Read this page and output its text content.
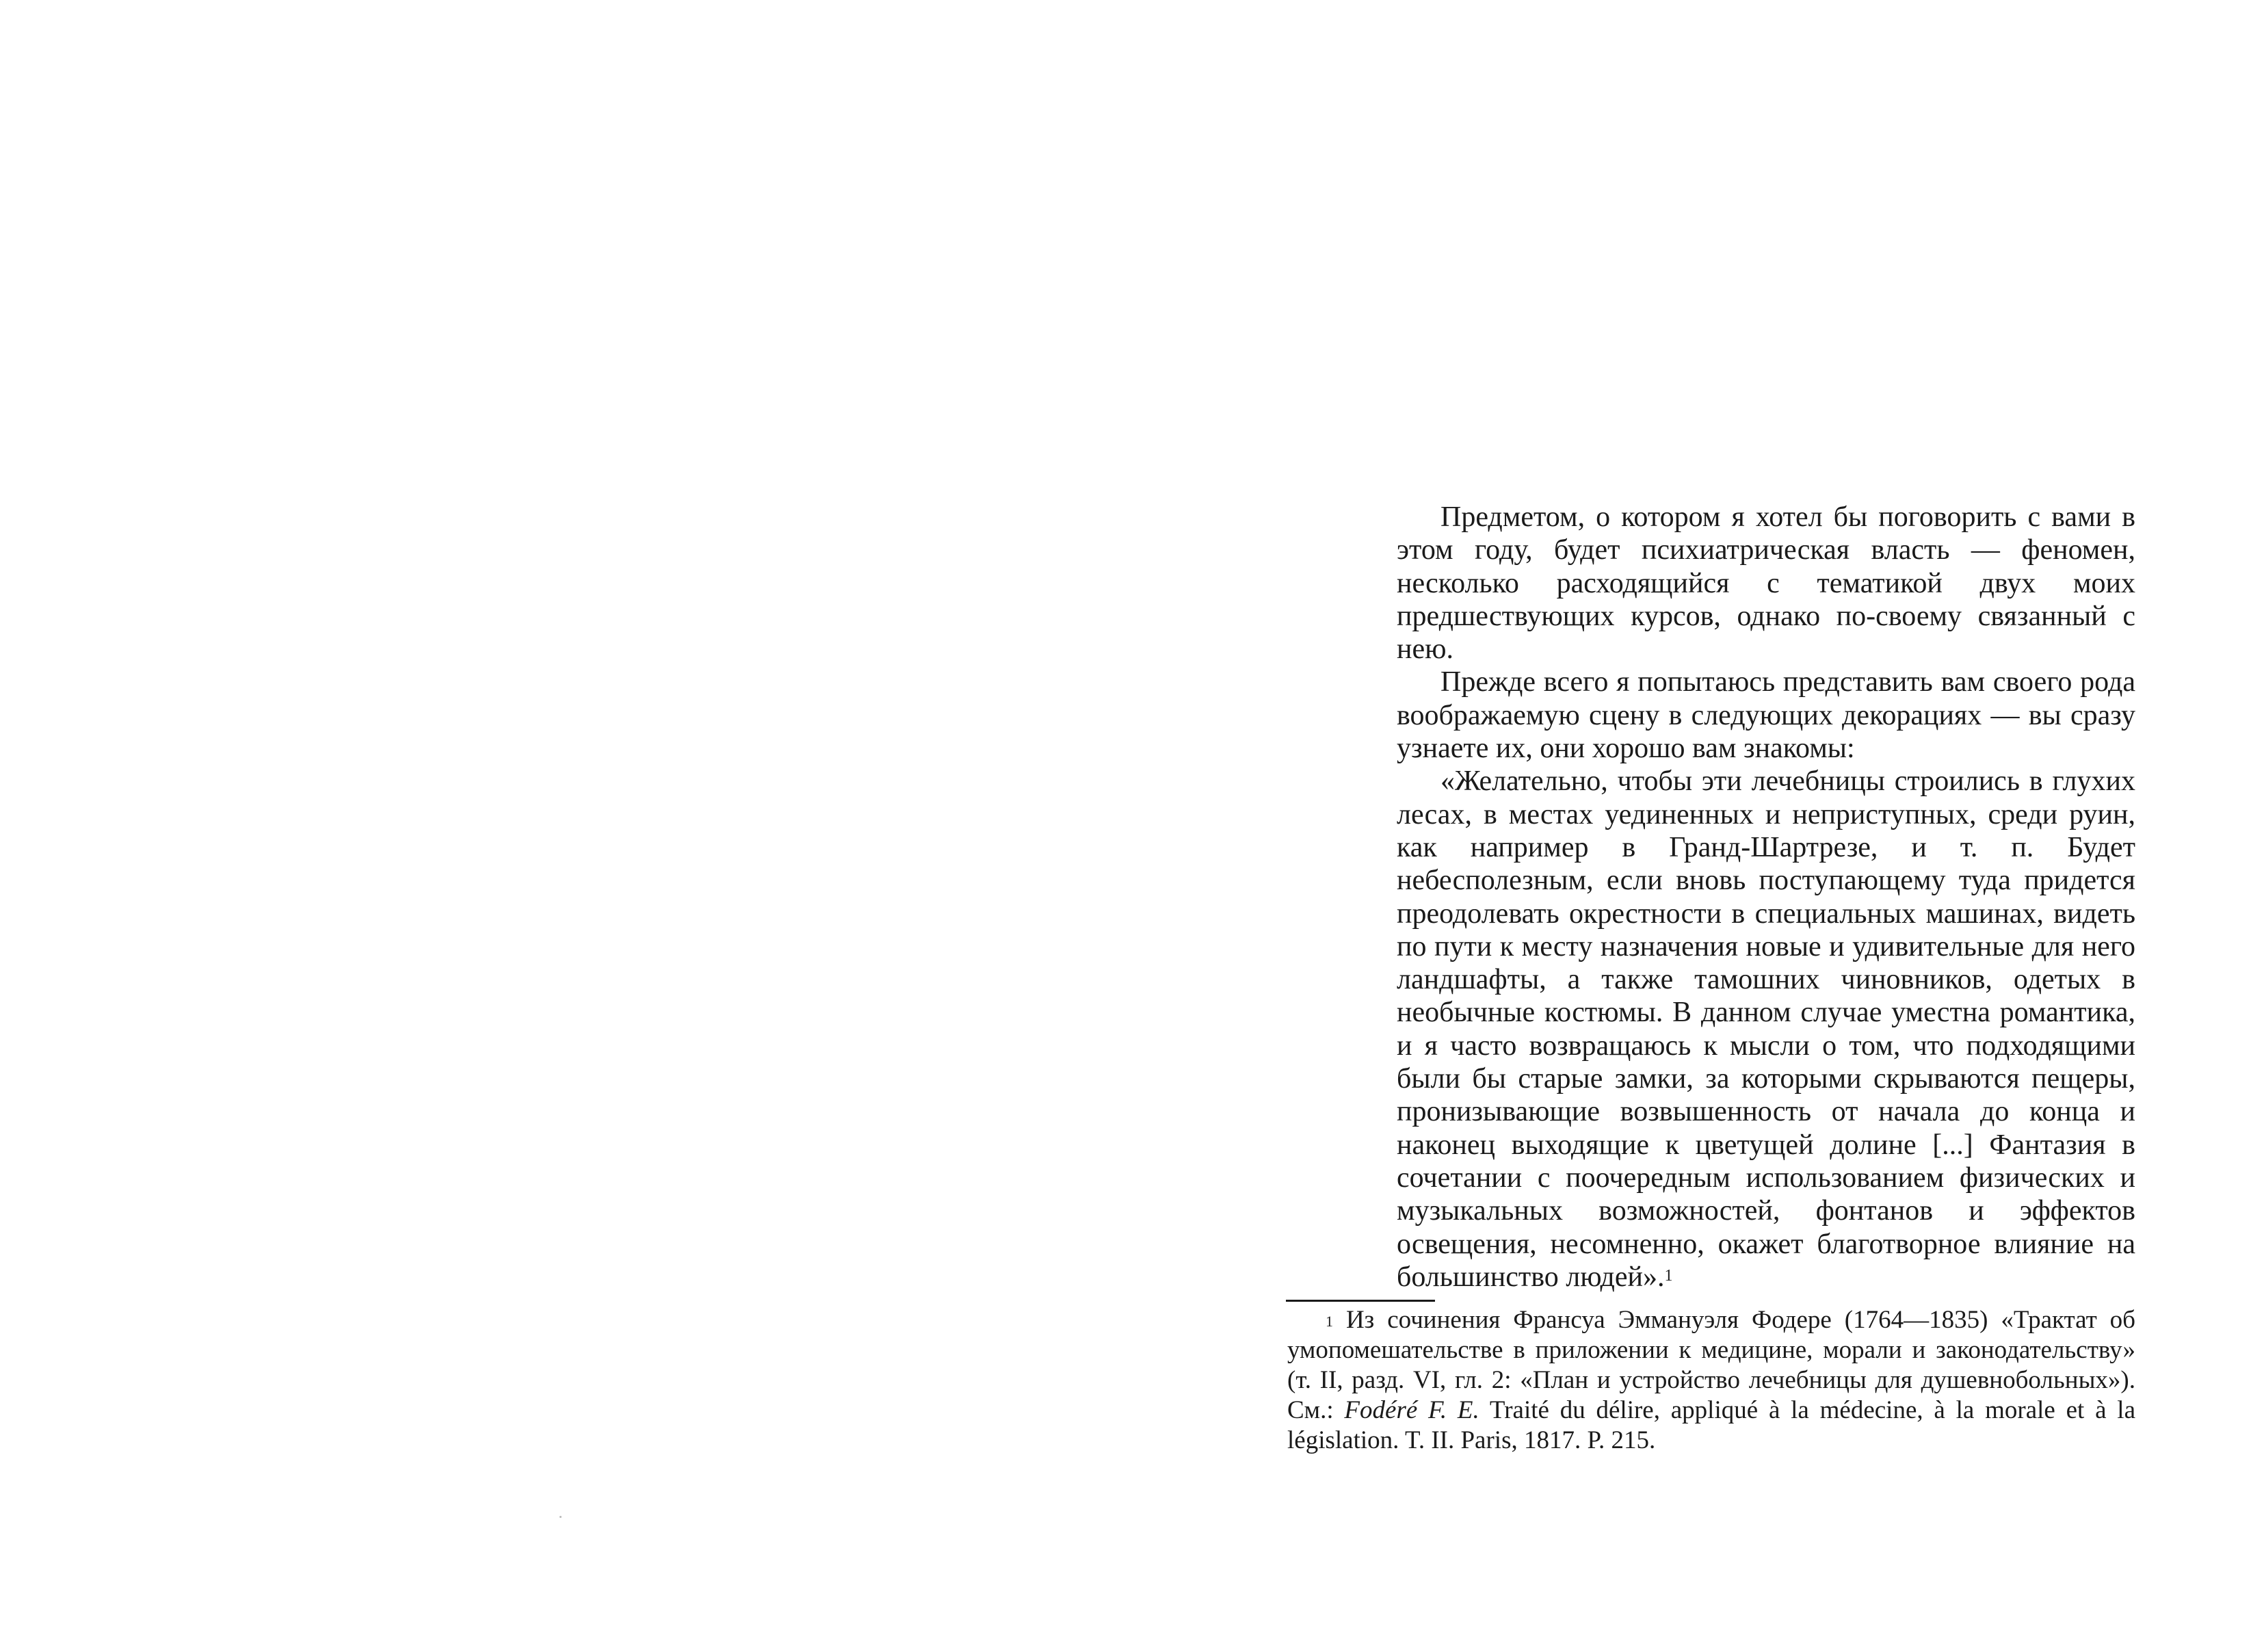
Предметом, о котором я хотел бы поговорить с вами в этом году, будет психиатрическая власть — феномен, несколько расходящийся с тематикой двух моих предшествующих курсов, однако по-своему связанный с нею.

Прежде всего я попытаюсь представить вам своего рода воображаемую сцену в следующих декорациях — вы сразу узнаете их, они хорошо вам знакомы:

«Желательно, чтобы эти лечебницы строились в глухих лесах, в местах уединенных и неприступных, среди руин, как например в Гранд-Шартрезе, и т. п. Будет небесполезным, если вновь поступающему туда придется преодолевать окрестности в специальных машинах, видеть по пути к месту назначения новые и удивительные для него ландшафты, а также тамошних чиновников, одетых в необычные костюмы. В данном случае уместна романтика, и я часто возвращаюсь к мысли о том, что подходящими были бы старые замки, за которыми скрываются пещеры, пронизывающие возвышенность от начала до конца и наконец выходящие к цветущей долине [...] Фантазия в сочетании с поочередным использованием физических и музыкальных возможностей, фонтанов и эффектов освещения, несомненно, окажет благотворное влияние на большинство людей».$^1$

$^1$ Из сочинения Франсуа Эммануэля Фодере (1764—1835) «Трактат об умопомешательстве в приложении к медицине, морали и законодательству» (т. II, разд. VI, гл. 2: «План и устройство лечебницы для душевнобольных»). См.: Fodéré F. E. Traité du délire, appliqué à la médecine, à la morale et à la législation. T. II. Paris, 1817. P. 215.
